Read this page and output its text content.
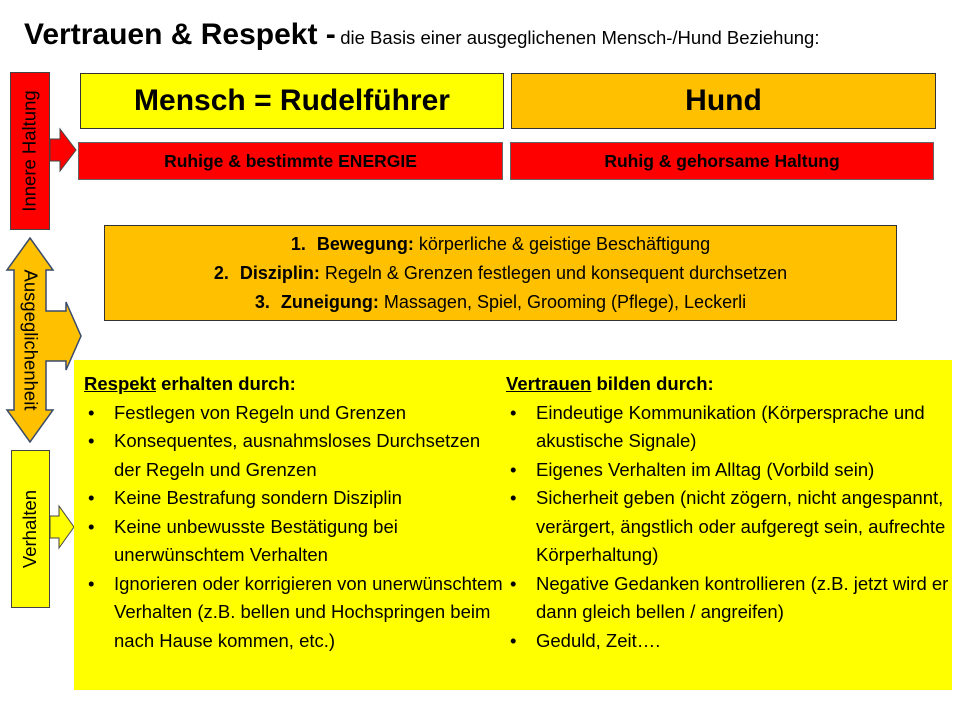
Vertrauen & Respekt - die Basis einer ausgeglichenen Mensch-/Hund Beziehung:
Innere Haltung
Ausgeglichenheit
Verhalten
Mensch = Rudelführer	Hund
Ruhige & bestimmte ENERGIE	Ruhig & gehorsame Haltung
1. Bewegung: körperliche & geistige Beschäftigung
2. Disziplin: Regeln & Grenzen festlegen und konsequent durchsetzen
3. Zuneigung: Massagen, Spiel, Grooming (Pflege), Leckerli
Respekt erhalten durch:
• Festlegen von Regeln und Grenzen
• Konsequentes, ausnahmsloses Durchsetzen der Regeln und Grenzen
• Keine Bestrafung sondern Disziplin
• Keine unbewusste Bestätigung bei unerwünschtem Verhalten
• Ignorieren oder korrigieren von unerwünschtem Verhalten (z.B. bellen und Hochspringen beim nach Hause kommen, etc.)
Vertrauen bilden durch:
• Eindeutige Kommunikation (Körpersprache und akustische Signale)
• Eigenes Verhalten im Alltag (Vorbild sein)
• Sicherheit geben (nicht zögern, nicht angespannt, verärgert, ängstlich oder aufgeregt sein, aufrechte Körperhaltung)
• Negative Gedanken kontrollieren (z.B. jetzt wird er dann gleich bellen / angreifen)
• Geduld, Zeit….
